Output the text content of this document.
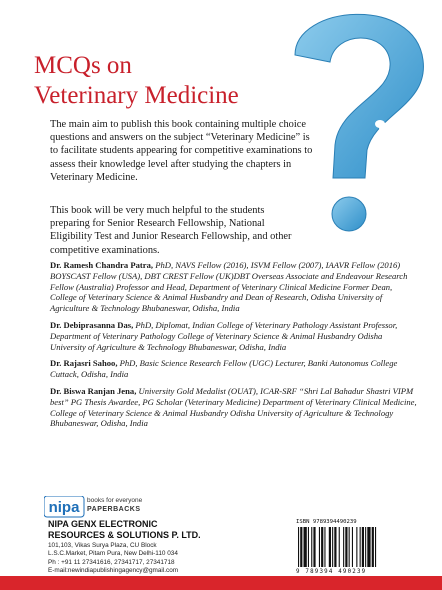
MCQs on
Veterinary Medicine

The main aim to publish this book containing multiple choice questions and answers on the subject “Veterinary Medicine” is to facilitate students appearing for competitive examinations to assess their knowledge level after studying the chapters in Veterinary Medicine.

This book will be very much helpful to the students preparing for Senior Research Fellowship, National Eligibility Test and Junior Research Fellowship, and other competitive examinations.

Dr. Ramesh Chandra Patra, PhD, NAVS Fellow (2016), ISVM Fellow (2007), IAAVR Fellow (2016) BOYSCAST Fellow (USA), DBT CREST Fellow (UK)DBT Overseas Associate and Endeavour Research Fellow (Australia) Professor and Head, Department of Veterinary Clinical Medicine Former Dean, College of Veterinary Science & Animal Husbandry and Dean of Research, Odisha University of Agriculture & Technology Bhubaneswar, Odisha, India

Dr. Debiprasanna Das, PhD, Diplomat, Indian College of Veterinary Pathology Assistant Professor, Department of Veterinary Pathology College of Veterinary Science & Animal Husbandry Odisha University of Agriculture & Technology Bhubaneswar, Odisha, India

Dr. Rajasri Sahoo, PhD, Basic Science Research Fellow (UGC) Lecturer, Banki Autonomus College Cuttack, Odisha, India

Dr. Biswa Ranjan Jena, University Gold Medalist (OUAT), ICAR-SRF “Shri Lal Bahadur Shastri VIPM best” PG Thesis Awardee, PG Scholar (Veterinary Medicine) Department of Veterinary Clinical Medicine, College of Veterinary Science & Animal Husbandry Odisha University of Agriculture & Technology Bhubaneswar, Odisha, India

nipa books for everyone
PAPERBACKS

NIPA GENX ELECTRONIC
RESOURCES & SOLUTIONS P. LTD.

101,103, Vikas Surya Plaza, CU Block
L.S.C.Market, Pitam Pura, New Delhi-110 034
Ph : +91 11 27341616, 27341717, 27341718
E-mail:newindiapublishingagency@gmail.com
ISBN 9789394490239
9 789394 490239
